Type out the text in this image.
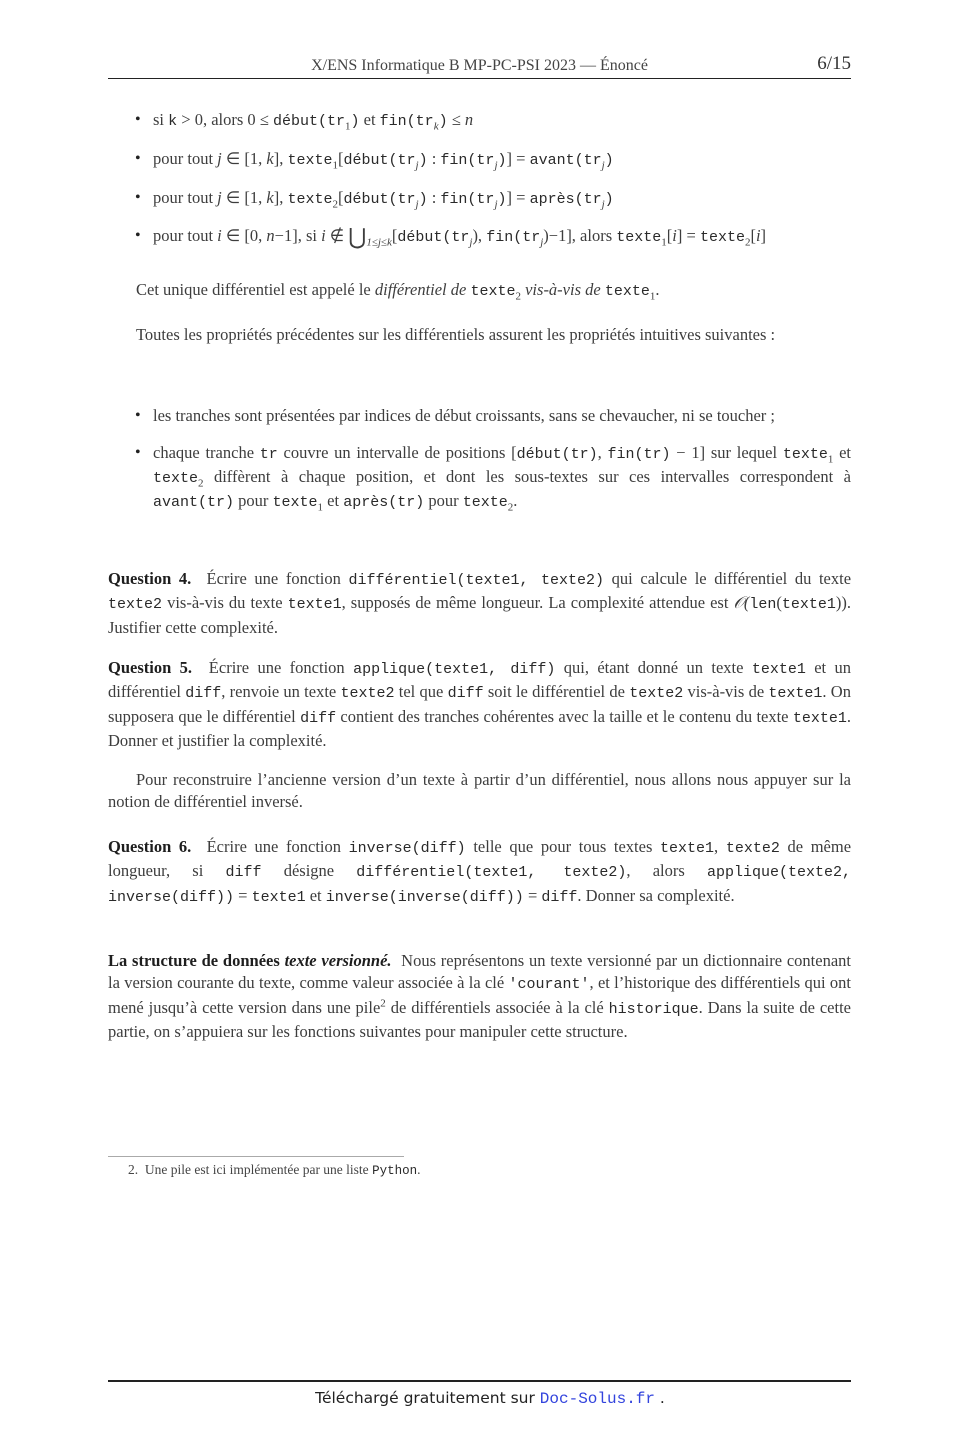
X/ENS Informatique B MP-PC-PSI 2023 — Énoncé	6/15

• si k > 0, alors $0 \le début(tr_1)$ et $fin(tr_k) \le n$

• pour tout j ∈ [1, k], $texte_1[début(tr_j)$ : $fin(tr_j)$] = $avant(tr_j)$

• pour tout j ∈ [1, k], $texte_2[début(tr_j)$ : $fin(tr_j)$] = $après(tr_j)$

• pour tout i ∈ [0, n−1], si i ∉ $⋃_{1\le j\le k}[début(tr_j)$, $fin(tr_j)-1$], alors texte$_1$[i] = texte$_2$[i]

Cet unique différentiel est appelé le différentiel de texte$_2$ vis-à-vis de texte$_1$.

Toutes les propriétés précédentes sur les différentiels assurent les propriétés intuitives suivantes :

• les tranches sont présentées par indices de début croissants, sans se chevaucher, ni se toucher ;

• chaque tranche tr couvre un intervalle de positions [début(tr), fin(tr) − 1] sur lequel texte$_1$ et texte$_2$ diffèrent à chaque position, et dont les sous-textes sur ces intervalles correspondent à avant(tr) pour texte$_1$ et après(tr) pour texte$_2$.

Question 4. Écrire une fonction différentiel(texte1, texte2) qui calcule le différentiel du texte texte2 vis-à-vis du texte texte1, supposés de même longueur. La complexité attendue est 𝒪(len(texte1)). Justifier cette complexité.

Question 5. Écrire une fonction applique(texte1, diff) qui, étant donné un texte texte1 et un différentiel diff, renvoie un texte texte2 tel que diff soit le différentiel de texte2 vis-à-vis de texte1. On supposera que le différentiel diff contient des tranches cohérentes avec la taille et le contenu du texte texte1. Donner et justifier la complexité.

Pour reconstruire l’ancienne version d’un texte à partir d’un différentiel, nous allons nous appuyer sur la notion de différentiel inversé.

Question 6. Écrire une fonction inverse(diff) telle que pour tous textes texte1, texte2 de même longueur, si diff désigne différentiel(texte1, texte2), alors applique(texte2, inverse(diff)) = texte1 et inverse(inverse(diff)) = diff. Donner sa complexité.

La structure de données texte versionné. Nous représentons un texte versionné par un dictionnaire contenant la version courante du texte, comme valeur associée à la clé 'courant', et l’historique des différentiels qui ont mené jusqu’à cette version dans une pile$^2$ de différentiels associée à la clé historique. Dans la suite de cette partie, on s’appuiera sur les fonctions suivantes pour manipuler cette structure.

2. Une pile est ici implémentée par une liste Python.
Téléchargé gratuitement sur Doc-Solus.fr .
